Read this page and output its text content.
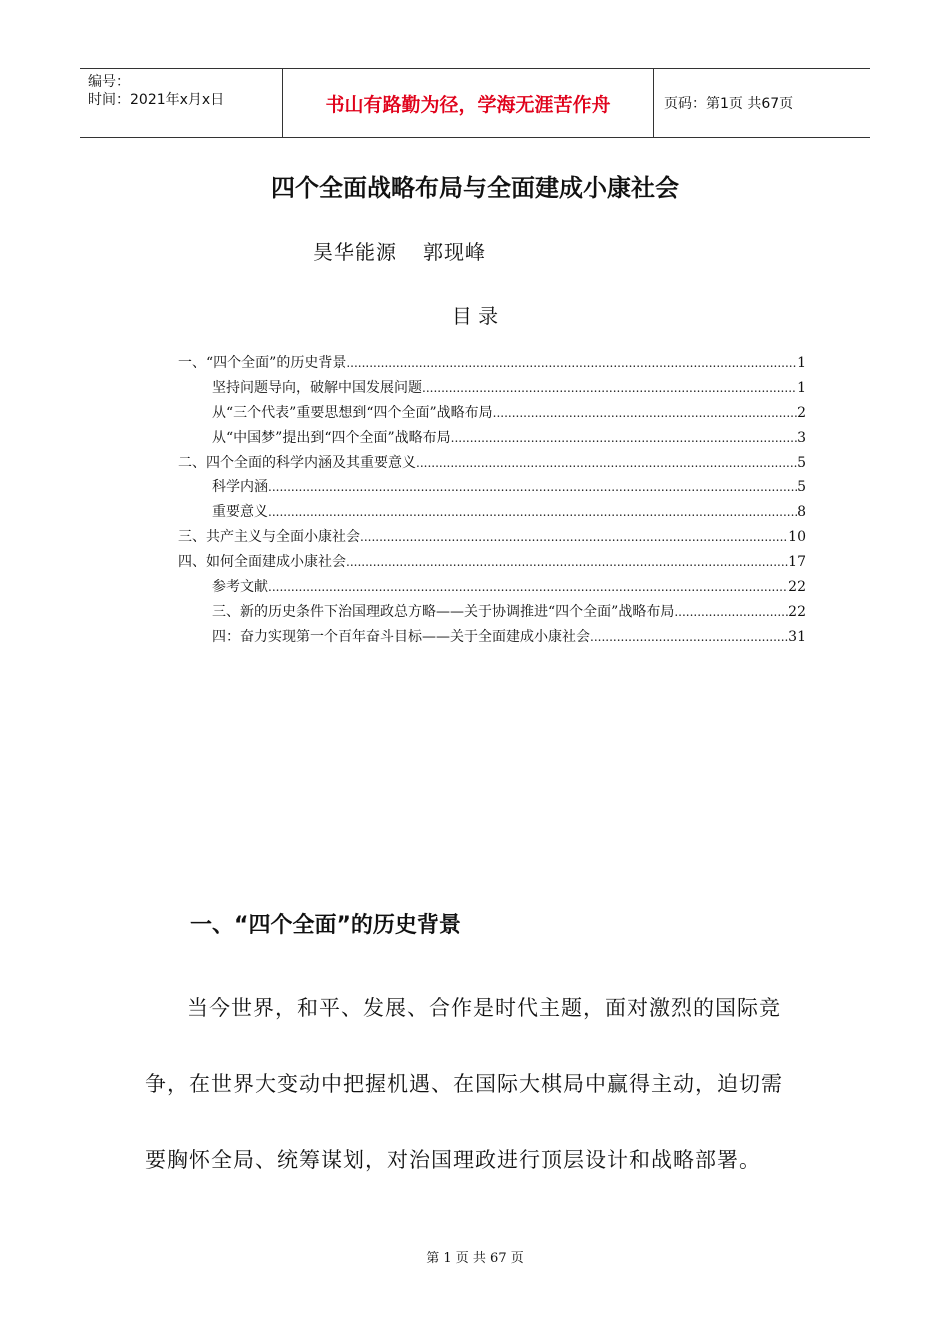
编号：
时间：2021年x月x日	书山有路勤为径，学海无涯苦作舟	页码：第1页 共67页
四个全面战略布局与全面建成小康社会
昊华能源 郭现峰
目 录
一、“四个全面”的历史背景 .....	1
坚持问题导向，破解中国发展问题 .....	1
从“三个代表”重要思想到“四个全面”战略布局 .....	2
从“中国梦”提出到“四个全面”战略布局 .....	3
二、四个全面的科学内涵及其重要意义 .....	5
科学内涵 .....	5
重要意义 .....	8
三、共产主义与全面小康社会 .....	10
四、如何全面建成小康社会 .....	17
参考文献 .....	22
三、新的历史条件下治国理政总方略——关于协调推进“四个全面”战略布局 .....	22
四：奋力实现第一个百年奋斗目标——关于全面建成小康社会 .....	31
一、“四个全面”的历史背景
当今世界，和平、发展、合作是时代主题，面对激烈的国际竞争，在世界大变动中把握机遇、在国际大棋局中赢得主动，迫切需要胸怀全局、统筹谋划，对治国理政进行顶层设计和战略部署。
第 1 页 共 67 页
